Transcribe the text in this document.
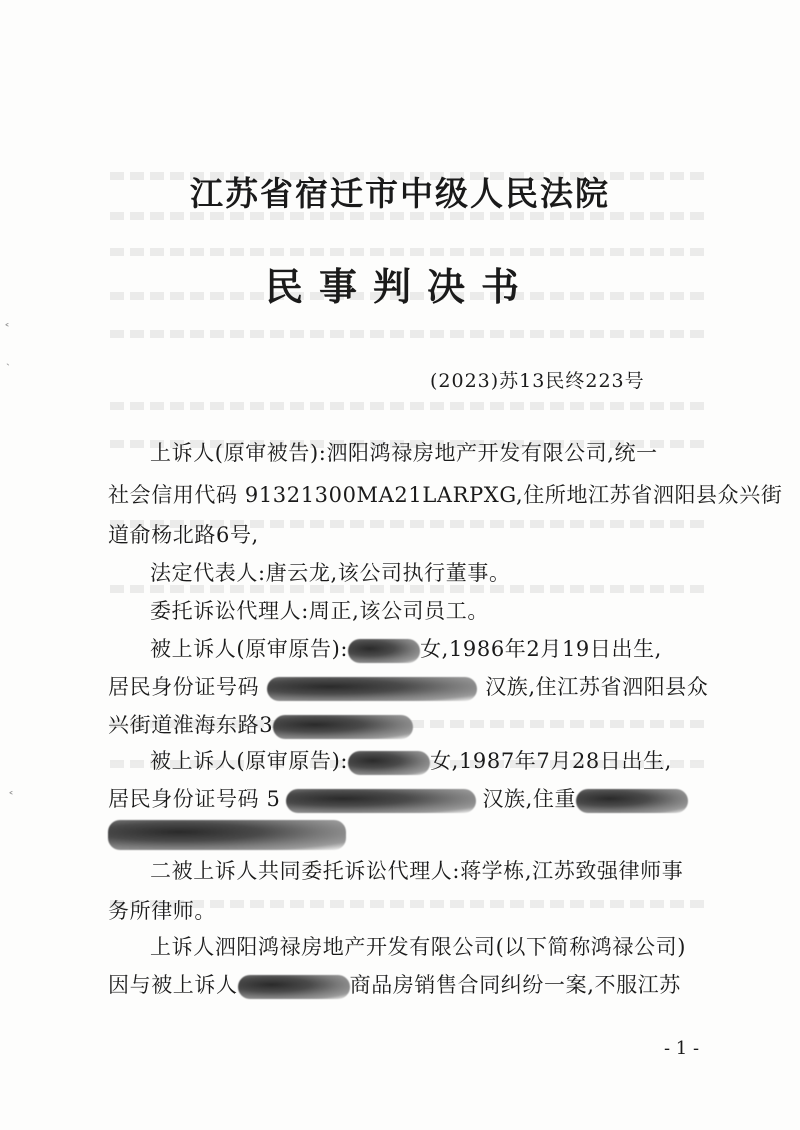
˂
ˏ
˂
江苏省宿迁市中级人民法院
民事判决书
(2023)苏13民终223号
上诉人(原审被告):泗阳鸿禄房地产开发有限公司,统一
社会信用代码 91321300MA21LARPXG,住所地江苏省泗阳县众兴街
道俞杨北路6号,
法定代表人:唐云龙,该公司执行董事。
委托诉讼代理人:周正,该公司员工。
被上诉人(原审原告):	女,1986年2月19日出生,
居民身份证号码	汉族,住江苏省泗阳县众
兴街道淮海东路3
被上诉人(原审原告):	女,1987年7月28日出生,
居民身份证号码 5	汉族,住重
二被上诉人共同委托诉讼代理人:蒋学栋,江苏致强律师事
务所律师。
上诉人泗阳鸿禄房地产开发有限公司(以下简称鸿禄公司)
因与被上诉人	商品房销售合同纠纷一案,不服江苏
- 1 -
